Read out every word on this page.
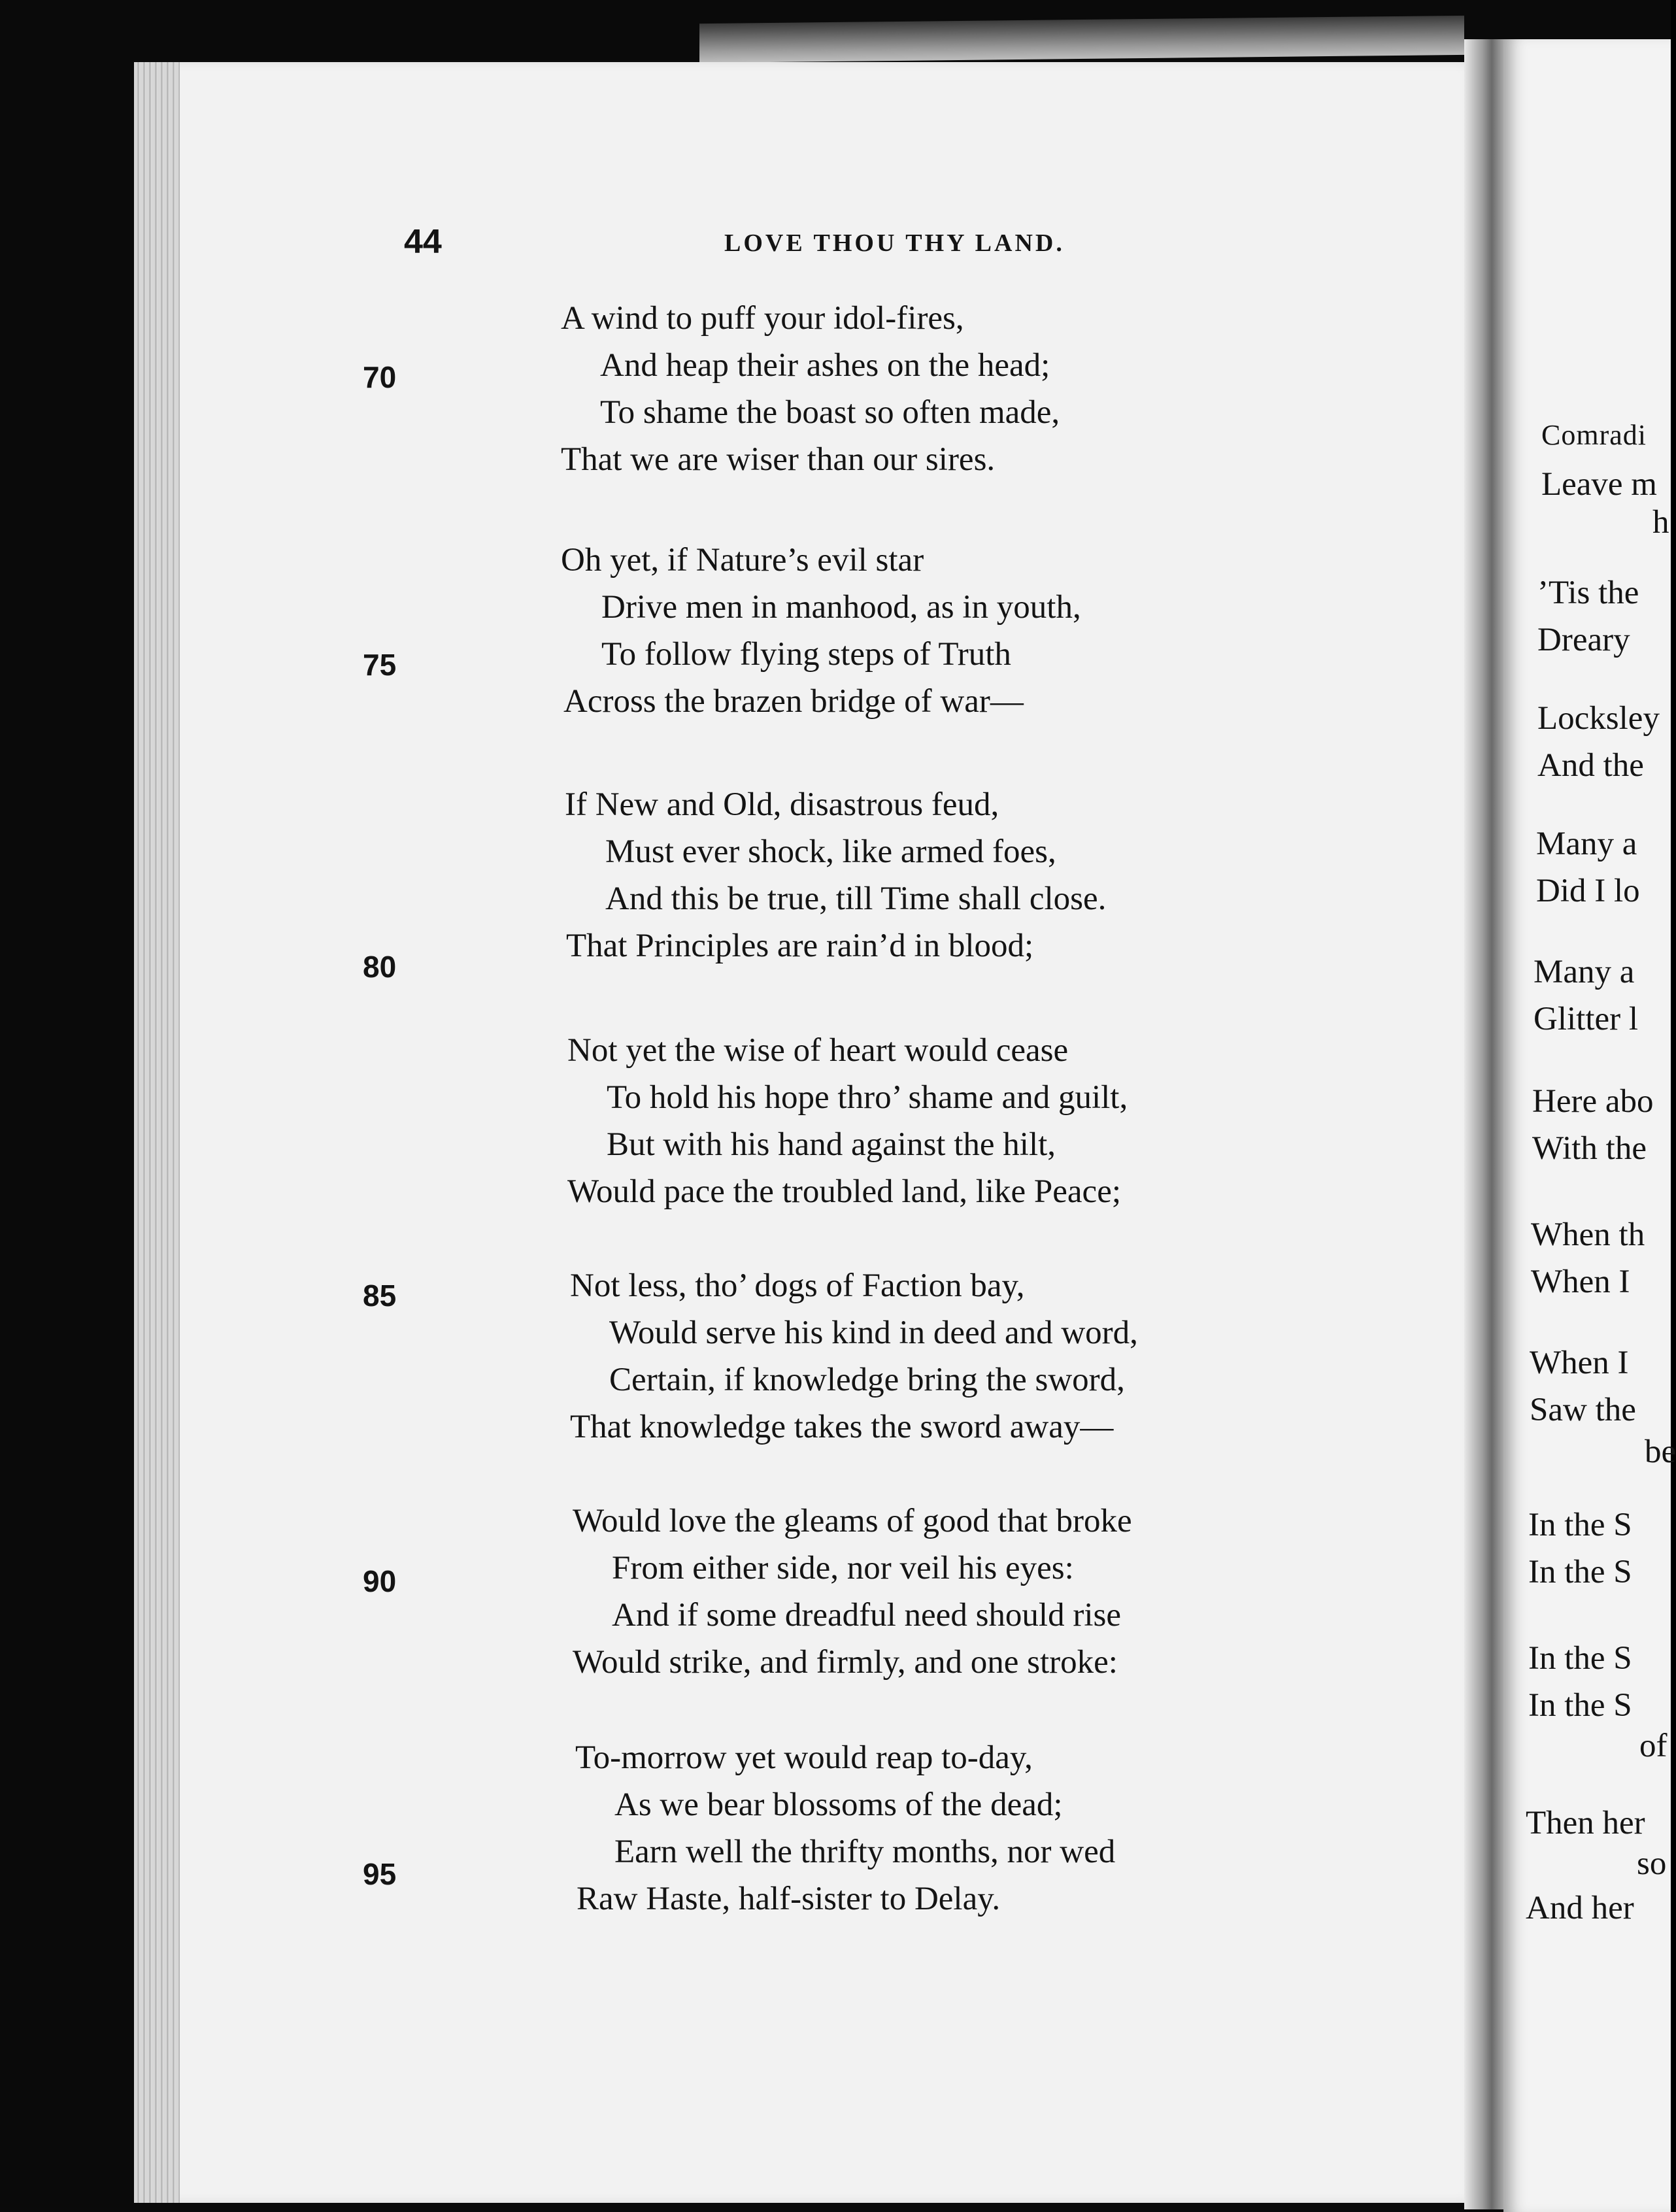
44	LOVE THOU THY LAND.
70
75
80
85
90
95
A wind to puff your idol-fires,
And heap their ashes on the head;
To shame the boast so often made,
That we are wiser than our sires.
Oh yet, if Nature’s evil star
Drive men in manhood, as in youth,
To follow flying steps of Truth
Across the brazen bridge of war—
If New and Old, disastrous feud,
Must ever shock, like armed foes,
And this be true, till Time shall close.
That Principles are rain’d in blood;
Not yet the wise of heart would cease
To hold his hope thro’ shame and guilt,
But with his hand against the hilt,
Would pace the troubled land, like Peace;
Not less, tho’ dogs of Faction bay,
Would serve his kind in deed and word,
Certain, if knowledge bring the sword,
That knowledge takes the sword away—
Would love the gleams of good that broke
From either side, nor veil his eyes:
And if some dreadful need should rise
Would strike, and firmly, and one stroke:
To-morrow yet would reap to-day,
As we bear blossoms of the dead;
Earn well the thrifty months, nor wed
Raw Haste, half-sister to Delay.
Comradi
Leave m
h
’Tis the
Dreary
Locksley
And the
Many a
Did I lo
Many a
Glitter l
Here abo
With the
When th
When I
When I
Saw the
be
In the S
In the S
In the S
In the S
of
Then her
so
And her
